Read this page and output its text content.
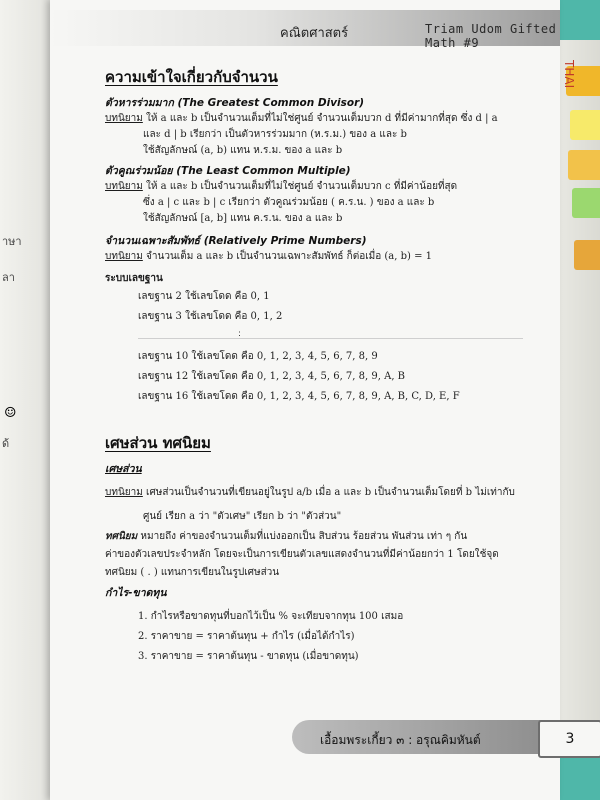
าษา
ลา
☺
ด้
THAI
คณิตศาสตร์	Triam Udom Gifted Math #9
ความเข้าใจเกี่ยวกับจำนวน
ตัวหารร่วมมาก (The Greatest Common Divisor)
บทนิยาม ให้ a และ b เป็นจำนวนเต็มที่ไม่ใช่ศูนย์ จำนวนเต็มบวก d ที่มีค่ามากที่สุด ซึ่ง d | a
และ d | b เรียกว่า เป็นตัวหารร่วมมาก (ห.ร.ม.) ของ a และ b
ใช้สัญลักษณ์ (a, b) แทน ห.ร.ม. ของ a และ b
ตัวคูณร่วมน้อย (The Least Common Multiple)
บทนิยาม ให้ a และ b เป็นจำนวนเต็มที่ไม่ใช่ศูนย์ จำนวนเต็มบวก c ที่มีค่าน้อยที่สุด
ซึ่ง a | c และ b | c เรียกว่า ตัวคูณร่วมน้อย ( ค.ร.น. ) ของ a และ b
ใช้สัญลักษณ์ [a, b] แทน ค.ร.น. ของ a และ b
จำนวนเฉพาะสัมพัทธ์ (Relatively Prime Numbers)
บทนิยาม จำนวนเต็ม a และ b เป็นจำนวนเฉพาะสัมพัทธ์ ก็ต่อเมื่อ (a, b) = 1
ระบบเลขฐาน
เลขฐาน 2 ใช้เลขโดด คือ 0, 1
เลขฐาน 3 ใช้เลขโดด คือ 0, 1, 2
⋮
เลขฐาน 10 ใช้เลขโดด คือ 0, 1, 2, 3, 4, 5, 6, 7, 8, 9
เลขฐาน 12 ใช้เลขโดด คือ 0, 1, 2, 3, 4, 5, 6, 7, 8, 9, A, B
เลขฐาน 16 ใช้เลขโดด คือ 0, 1, 2, 3, 4, 5, 6, 7, 8, 9, A, B, C, D, E, F
เศษส่วน ทศนิยม
เศษส่วน
บทนิยาม เศษส่วนเป็นจำนวนที่เขียนอยู่ในรูป a/b เมื่อ a และ b เป็นจำนวนเต็มโดยที่ b ไม่เท่ากับ
ศูนย์ เรียก a ว่า "ตัวเศษ" เรียก b ว่า "ตัวส่วน"
ทศนิยม หมายถึง ค่าของจำนวนเต็มที่แบ่งออกเป็น สิบส่วน ร้อยส่วน พันส่วน เท่า ๆ กัน
ค่าของตัวเลขประจำหลัก โดยจะเป็นการเขียนตัวเลขแสดงจำนวนที่มีค่าน้อยกว่า 1 โดยใช้จุด
ทศนิยม ( . ) แทนการเขียนในรูปเศษส่วน
กำไร-ขาดทุน
1. กำไรหรือขาดทุนที่บอกไว้เป็น % จะเทียบจากทุน 100 เสมอ
2. ราคาขาย = ราคาต้นทุน + กำไร (เมื่อได้กำไร)
3. ราคาขาย = ราคาต้นทุน - ขาดทุน (เมื่อขาดทุน)
เอื้อมพระเกี้ยว ๓ : อรุณคิมหันต์	3
